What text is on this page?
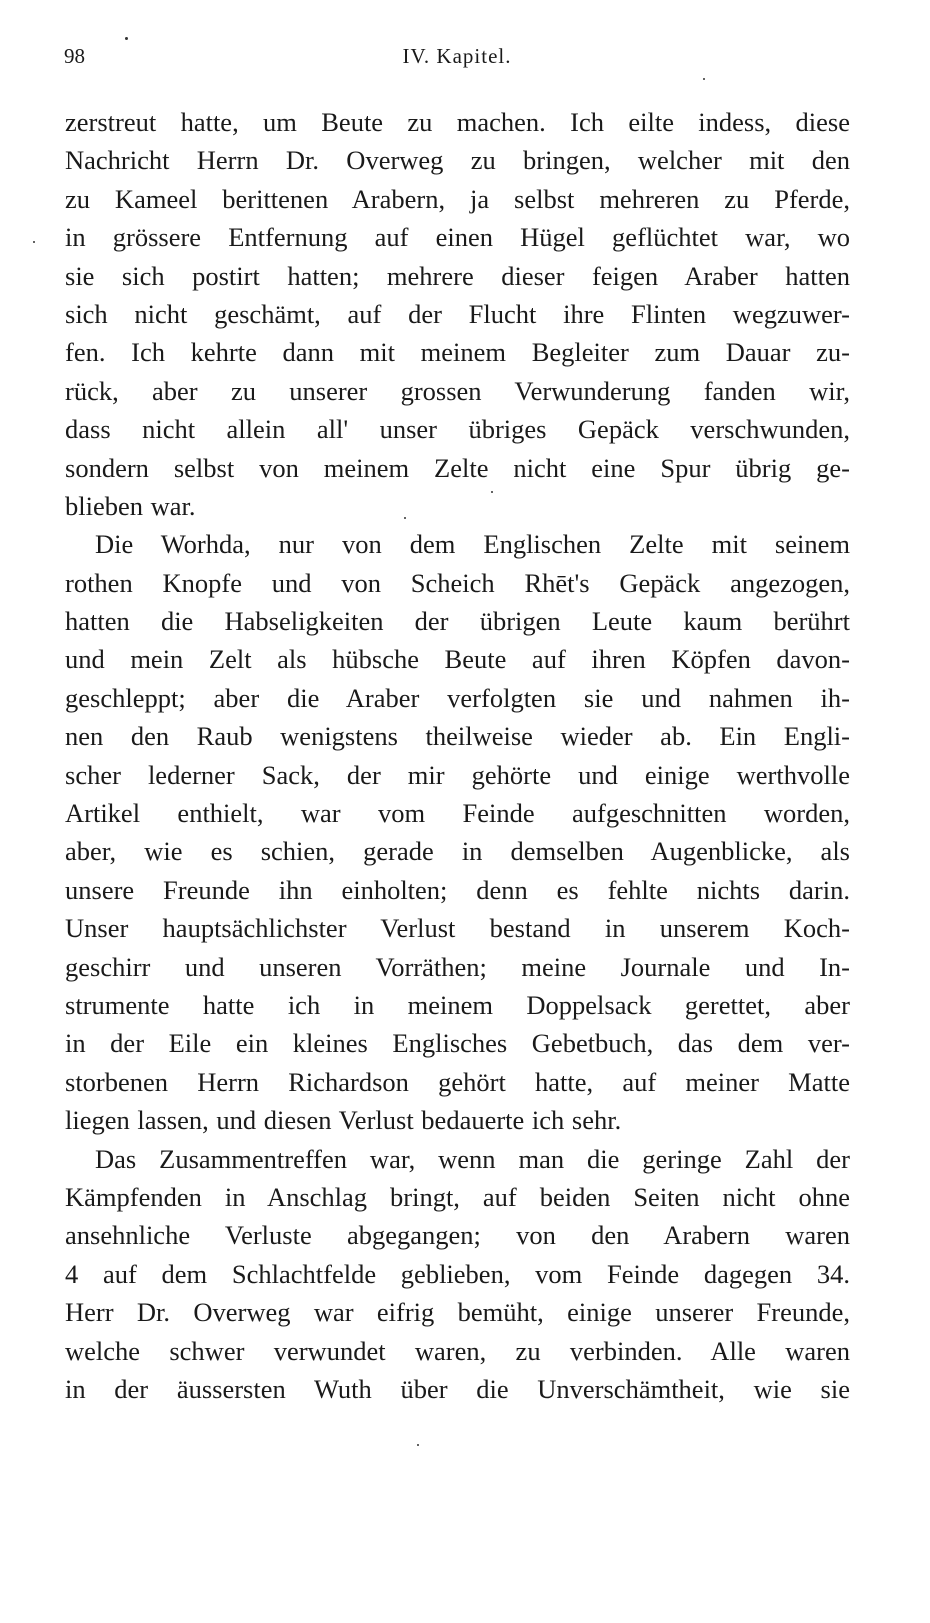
98	IV. Kapitel.
zerstreut hatte, um Beute zu machen. Ich eilte indess, diese
Nachricht Herrn Dr. Overweg zu bringen, welcher mit den
zu Kameel berittenen Arabern, ja selbst mehreren zu Pferde,
in grössere Entfernung auf einen Hügel geflüchtet war, wo
sie sich postirt hatten; mehrere dieser feigen Araber hatten
sich nicht geschämt, auf der Flucht ihre Flinten wegzuwer-
fen. Ich kehrte dann mit meinem Begleiter zum Dauar zu-
rück, aber zu unserer grossen Verwunderung fanden wir,
dass nicht allein all' unser übriges Gepäck verschwunden,
sondern selbst von meinem Zelte nicht eine Spur übrig ge-
blieben war.
Die Worhda, nur von dem Englischen Zelte mit seinem
rothen Knopfe und von Scheich Rhēt's Gepäck angezogen,
hatten die Habseligkeiten der übrigen Leute kaum berührt
und mein Zelt als hübsche Beute auf ihren Köpfen davon-
geschleppt; aber die Araber verfolgten sie und nahmen ih-
nen den Raub wenigstens theilweise wieder ab. Ein Engli-
scher lederner Sack, der mir gehörte und einige werthvolle
Artikel enthielt, war vom Feinde aufgeschnitten worden,
aber, wie es schien, gerade in demselben Augenblicke, als
unsere Freunde ihn einholten; denn es fehlte nichts darin.
Unser hauptsächlichster Verlust bestand in unserem Koch-
geschirr und unseren Vorräthen; meine Journale und In-
strumente hatte ich in meinem Doppelsack gerettet, aber
in der Eile ein kleines Englisches Gebetbuch, das dem ver-
storbenen Herrn Richardson gehört hatte, auf meiner Matte
liegen lassen, und diesen Verlust bedauerte ich sehr.
Das Zusammentreffen war, wenn man die geringe Zahl der
Kämpfenden in Anschlag bringt, auf beiden Seiten nicht ohne
ansehnliche Verluste abgegangen; von den Arabern waren
4 auf dem Schlachtfelde geblieben, vom Feinde dagegen 34.
Herr Dr. Overweg war eifrig bemüht, einige unserer Freunde,
welche schwer verwundet waren, zu verbinden. Alle waren
in der äussersten Wuth über die Unverschämtheit, wie sie
